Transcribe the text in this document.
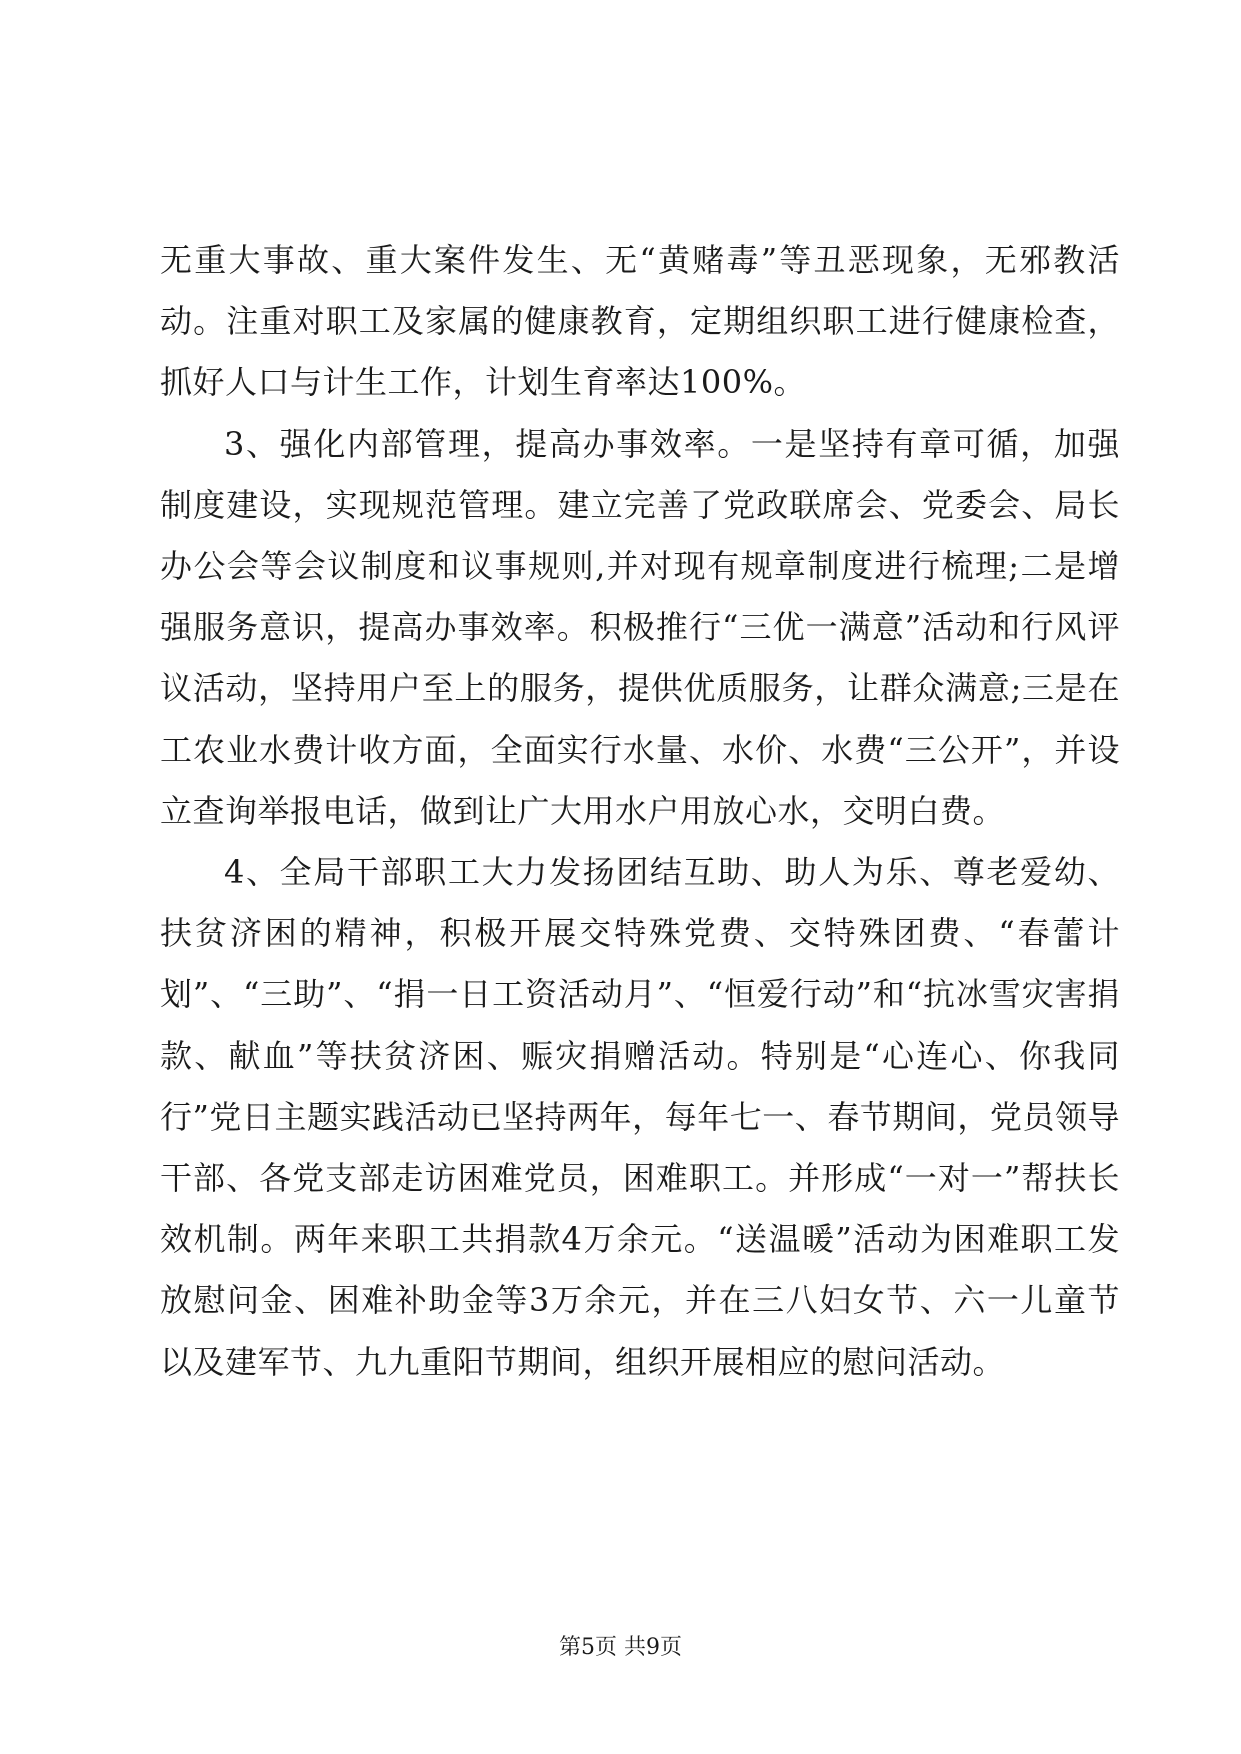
无重大事故、重大案件发生、无“黄赌毒”等丑恶现象，无邪教活动。注重对职工及家属的健康教育，定期组织职工进行健康检查，抓好人口与计生工作，计划生育率达100%。

3、强化内部管理，提高办事效率。一是坚持有章可循，加强制度建设，实现规范管理。建立完善了党政联席会、党委会、局长办公会等会议制度和议事规则,并对现有规章制度进行梳理;二是增强服务意识，提高办事效率。积极推行“三优一满意”活动和行风评议活动，坚持用户至上的服务，提供优质服务，让群众满意;三是在工农业水费计收方面，全面实行水量、水价、水费“三公开”，并设立查询举报电话，做到让广大用水户用放心水，交明白费。

4、全局干部职工大力发扬团结互助、助人为乐、尊老爱幼、扶贫济困的精神，积极开展交特殊党费、交特殊团费、“春蕾计划”、“三助”、“捐一日工资活动月”、“恒爱行动”和“抗冰雪灾害捐款、献血”等扶贫济困、赈灾捐赠活动。特别是“心连心、你我同行”党日主题实践活动已坚持两年，每年七一、春节期间，党员领导干部、各党支部走访困难党员，困难职工。并形成“一对一”帮扶长效机制。两年来职工共捐款4万余元。“送温暖”活动为困难职工发放慰问金、困难补助金等3万余元，并在三八妇女节、六一儿童节以及建军节、九九重阳节期间，组织开展相应的慰问活动。

第5页 共9页
